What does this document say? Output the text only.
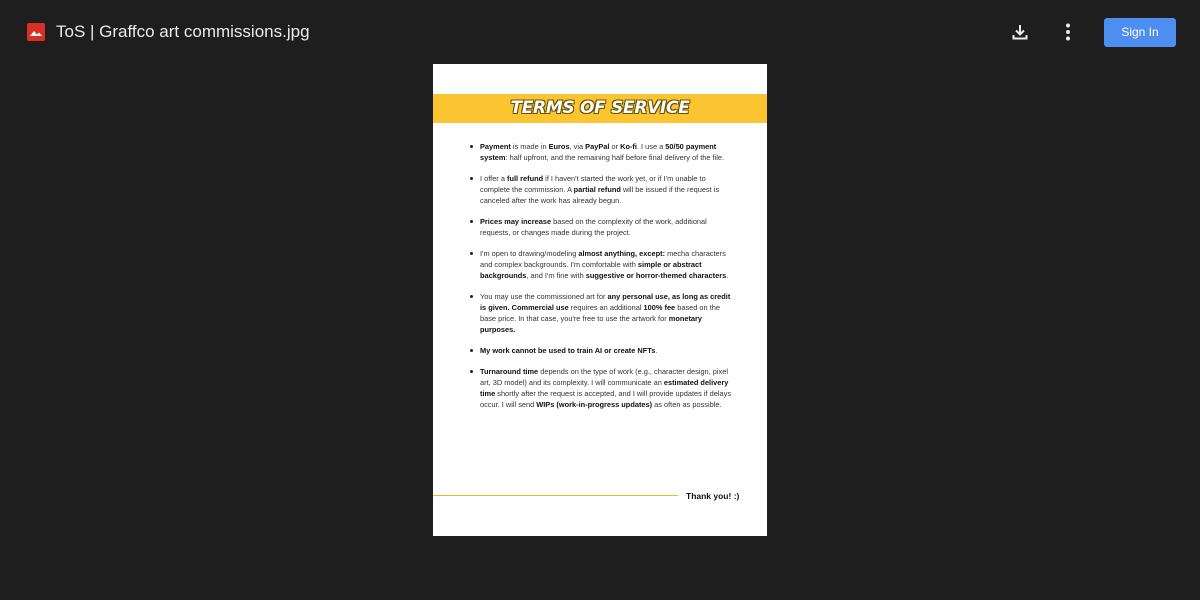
ToS | Graffco art commissions.jpg	Sign In
TERMS OF SERVICE
Payment is made in Euros, via PayPal or Ko-fi. I use a 50/50 payment system: half upfront, and the remaining half before final delivery of the file.
I offer a full refund if I haven't started the work yet, or if I'm unable to complete the commission. A partial refund will be issued if the request is canceled after the work has already begun.
Prices may increase based on the complexity of the work, additional requests, or changes made during the project.
I'm open to drawing/modeling almost anything, except: mecha characters and complex backgrounds. I'm comfortable with simple or abstract backgrounds, and I'm fine with suggestive or horror-themed characters.
You may use the commissioned art for any personal use, as long as credit is given. Commercial use requires an additional 100% fee based on the base price. In that case, you're free to use the artwork for monetary purposes.
My work cannot be used to train AI or create NFTs.
Turnaround time depends on the type of work (e.g., character design, pixel art, 3D model) and its complexity. I will communicate an estimated delivery time shortly after the request is accepted, and I will provide updates if delays occur. I will send WIPs (work-in-progress updates) as often as possible.
Thank you! :)
